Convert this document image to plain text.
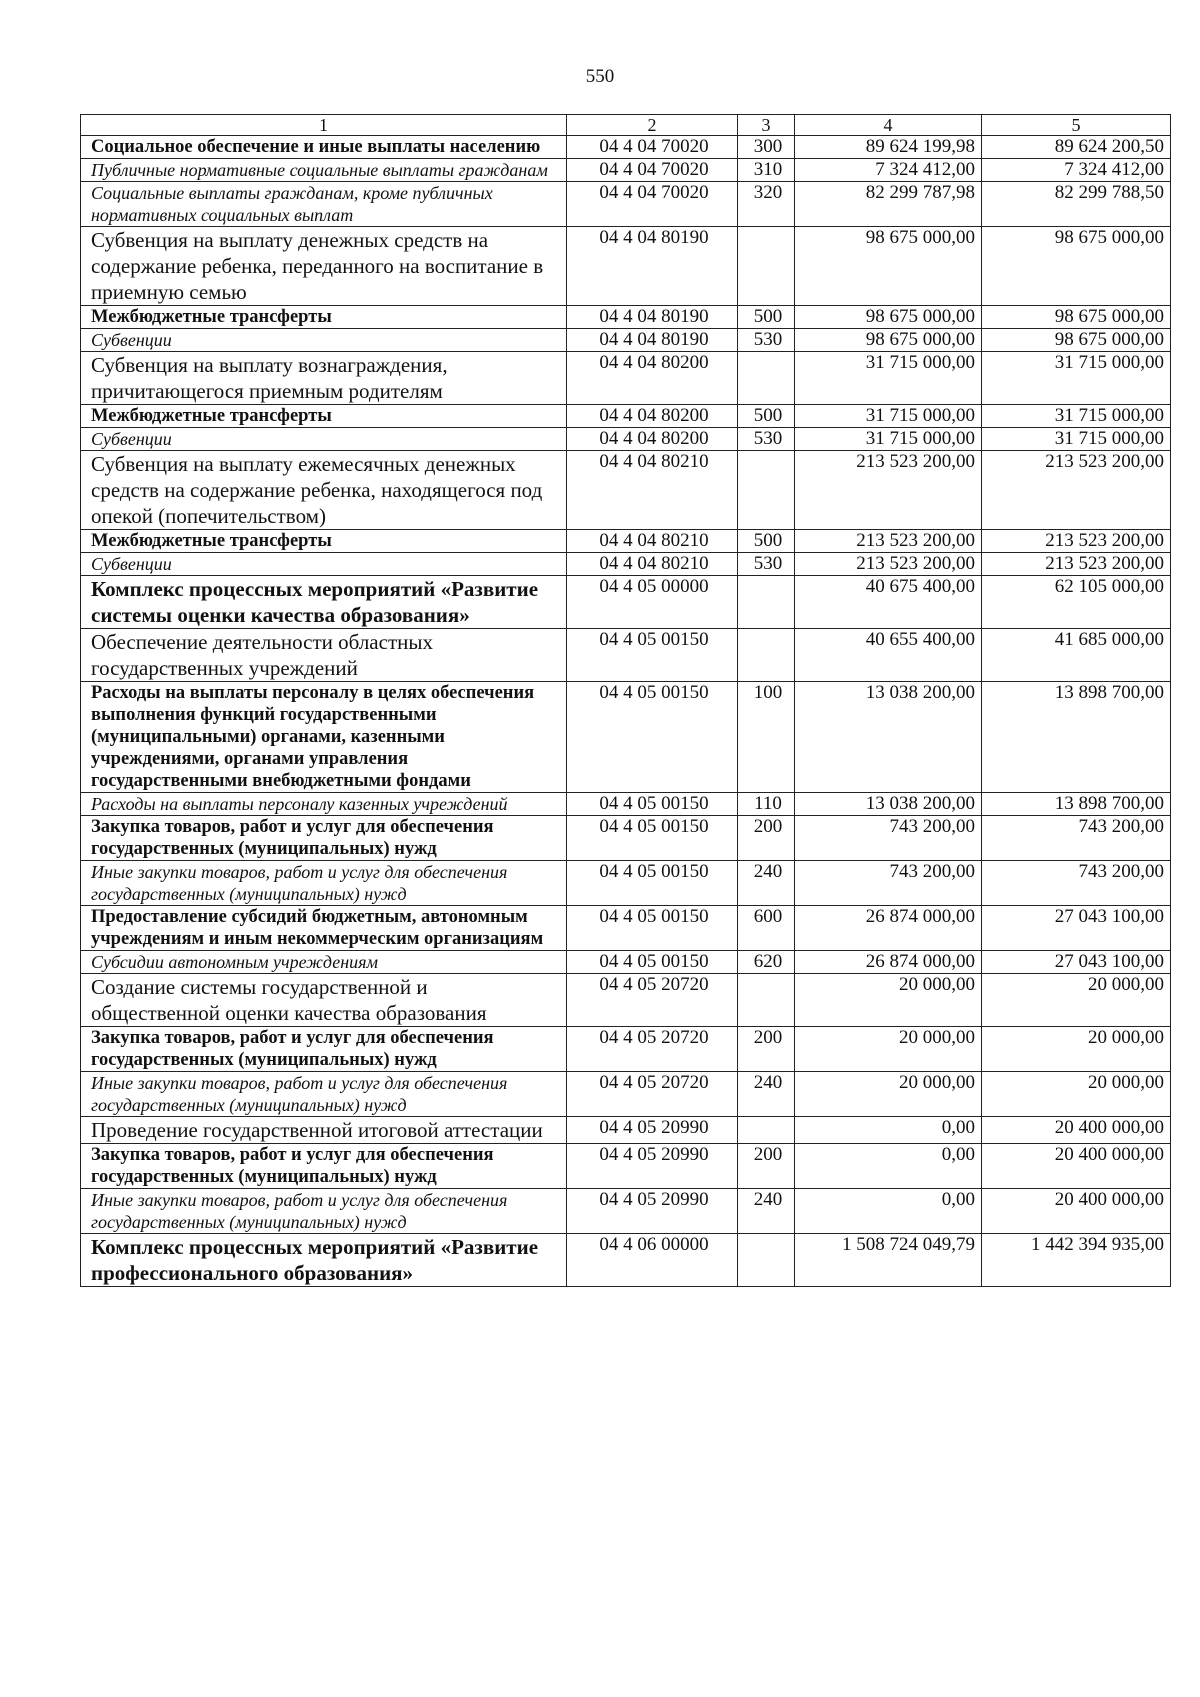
550
1	2	3	4	5
Социальное обеспечение и иные выплаты населению	04 4 04 70020	300	89 624 199,98	89 624 200,50
Публичные нормативные социальные выплаты гражданам	04 4 04 70020	310	7 324 412,00	7 324 412,00
Социальные выплаты гражданам, кроме публичных нормативных социальных выплат	04 4 04 70020	320	82 299 787,98	82 299 788,50
Субвенция на выплату денежных средств на содержание ребенка, переданного на воспитание в приемную семью	04 4 04 80190		98 675 000,00	98 675 000,00
Межбюджетные трансферты	04 4 04 80190	500	98 675 000,00	98 675 000,00
Субвенции	04 4 04 80190	530	98 675 000,00	98 675 000,00
Субвенция на выплату вознаграждения, причитающегося приемным родителям	04 4 04 80200		31 715 000,00	31 715 000,00
Межбюджетные трансферты	04 4 04 80200	500	31 715 000,00	31 715 000,00
Субвенции	04 4 04 80200	530	31 715 000,00	31 715 000,00
Субвенция на выплату ежемесячных денежных средств на содержание ребенка, находящегося под опекой (попечительством)	04 4 04 80210		213 523 200,00	213 523 200,00
Межбюджетные трансферты	04 4 04 80210	500	213 523 200,00	213 523 200,00
Субвенции	04 4 04 80210	530	213 523 200,00	213 523 200,00
Комплекс процессных мероприятий «Развитие системы оценки качества образования»	04 4 05 00000		40 675 400,00	62 105 000,00
Обеспечение деятельности областных государственных учреждений	04 4 05 00150		40 655 400,00	41 685 000,00
Расходы на выплаты персоналу в целях обеспечения выполнения функций государственными (муниципальными) органами, казенными учреждениями, органами управления государственными внебюджетными фондами	04 4 05 00150	100	13 038 200,00	13 898 700,00
Расходы на выплаты персоналу казенных учреждений	04 4 05 00150	110	13 038 200,00	13 898 700,00
Закупка товаров, работ и услуг для обеспечения государственных (муниципальных) нужд	04 4 05 00150	200	743 200,00	743 200,00
Иные закупки товаров, работ и услуг для обеспечения государственных (муниципальных) нужд	04 4 05 00150	240	743 200,00	743 200,00
Предоставление субсидий бюджетным, автономным учреждениям и иным некоммерческим организациям	04 4 05 00150	600	26 874 000,00	27 043 100,00
Субсидии автономным учреждениям	04 4 05 00150	620	26 874 000,00	27 043 100,00
Создание системы государственной и общественной оценки качества образования	04 4 05 20720		20 000,00	20 000,00
Закупка товаров, работ и услуг для обеспечения государственных (муниципальных) нужд	04 4 05 20720	200	20 000,00	20 000,00
Иные закупки товаров, работ и услуг для обеспечения государственных (муниципальных) нужд	04 4 05 20720	240	20 000,00	20 000,00
Проведение государственной итоговой аттестации	04 4 05 20990		0,00	20 400 000,00
Закупка товаров, работ и услуг для обеспечения государственных (муниципальных) нужд	04 4 05 20990	200	0,00	20 400 000,00
Иные закупки товаров, работ и услуг для обеспечения государственных (муниципальных) нужд	04 4 05 20990	240	0,00	20 400 000,00
Комплекс процессных мероприятий «Развитие профессионального образования»	04 4 06 00000		1 508 724 049,79	1 442 394 935,00
